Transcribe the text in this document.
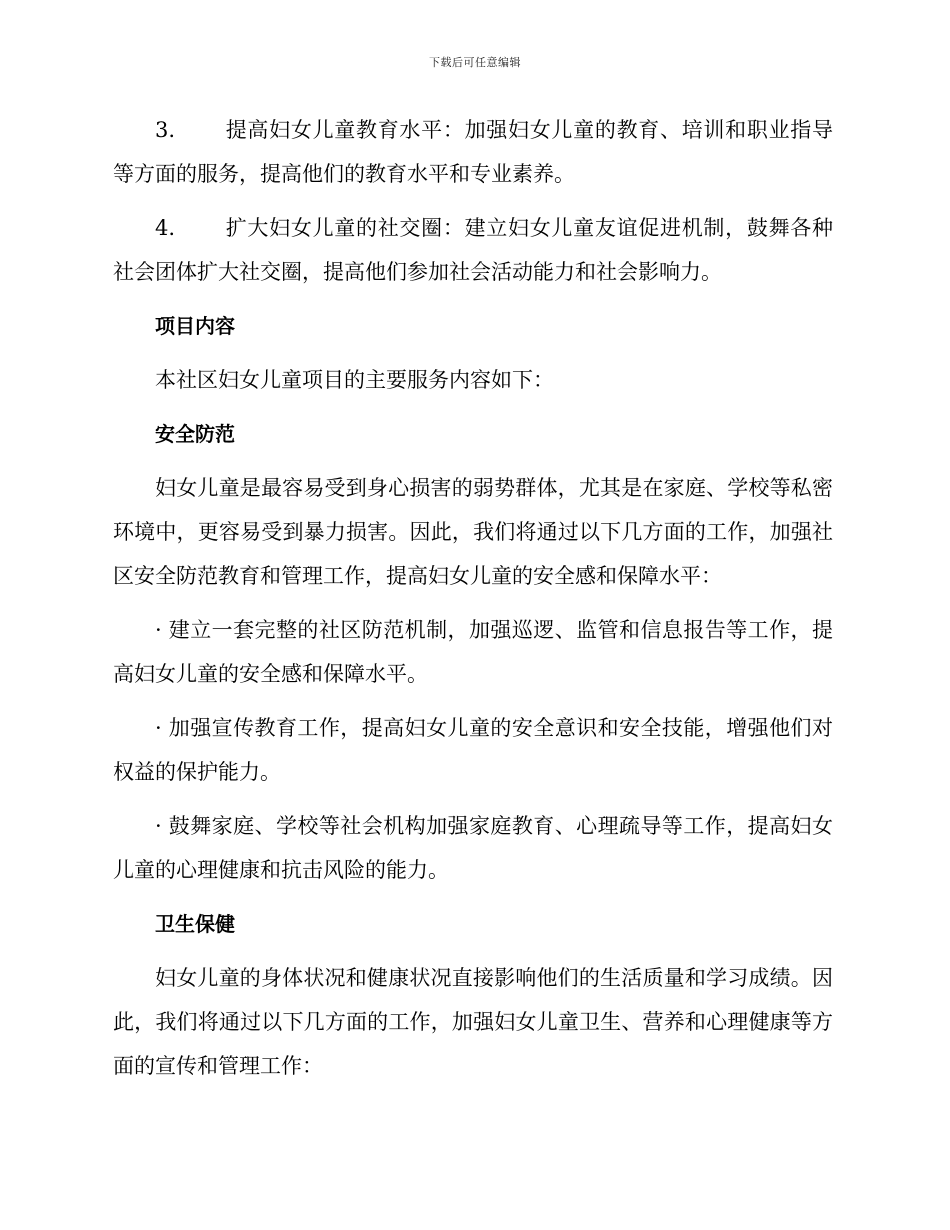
下载后可任意编辑

3. 提高妇女儿童教育水平：加强妇女儿童的教育、培训和职业指导等方面的服务，提高他们的教育水平和专业素养。

4. 扩大妇女儿童的社交圈：建立妇女儿童友谊促进机制，鼓舞各种社会团体扩大社交圈，提高他们参加社会活动能力和社会影响力。

项目内容

本社区妇女儿童项目的主要服务内容如下：

安全防范

妇女儿童是最容易受到身心损害的弱势群体，尤其是在家庭、学校等私密环境中，更容易受到暴力损害。因此，我们将通过以下几方面的工作，加强社区安全防范教育和管理工作，提高妇女儿童的安全感和保障水平：

· 建立一套完整的社区防范机制，加强巡逻、监管和信息报告等工作，提高妇女儿童的安全感和保障水平。

· 加强宣传教育工作，提高妇女儿童的安全意识和安全技能，增强他们对权益的保护能力。

· 鼓舞家庭、学校等社会机构加强家庭教育、心理疏导等工作，提高妇女儿童的心理健康和抗击风险的能力。

卫生保健

妇女儿童的身体状况和健康状况直接影响他们的生活质量和学习成绩。因此，我们将通过以下几方面的工作，加强妇女儿童卫生、营养和心理健康等方面的宣传和管理工作：
